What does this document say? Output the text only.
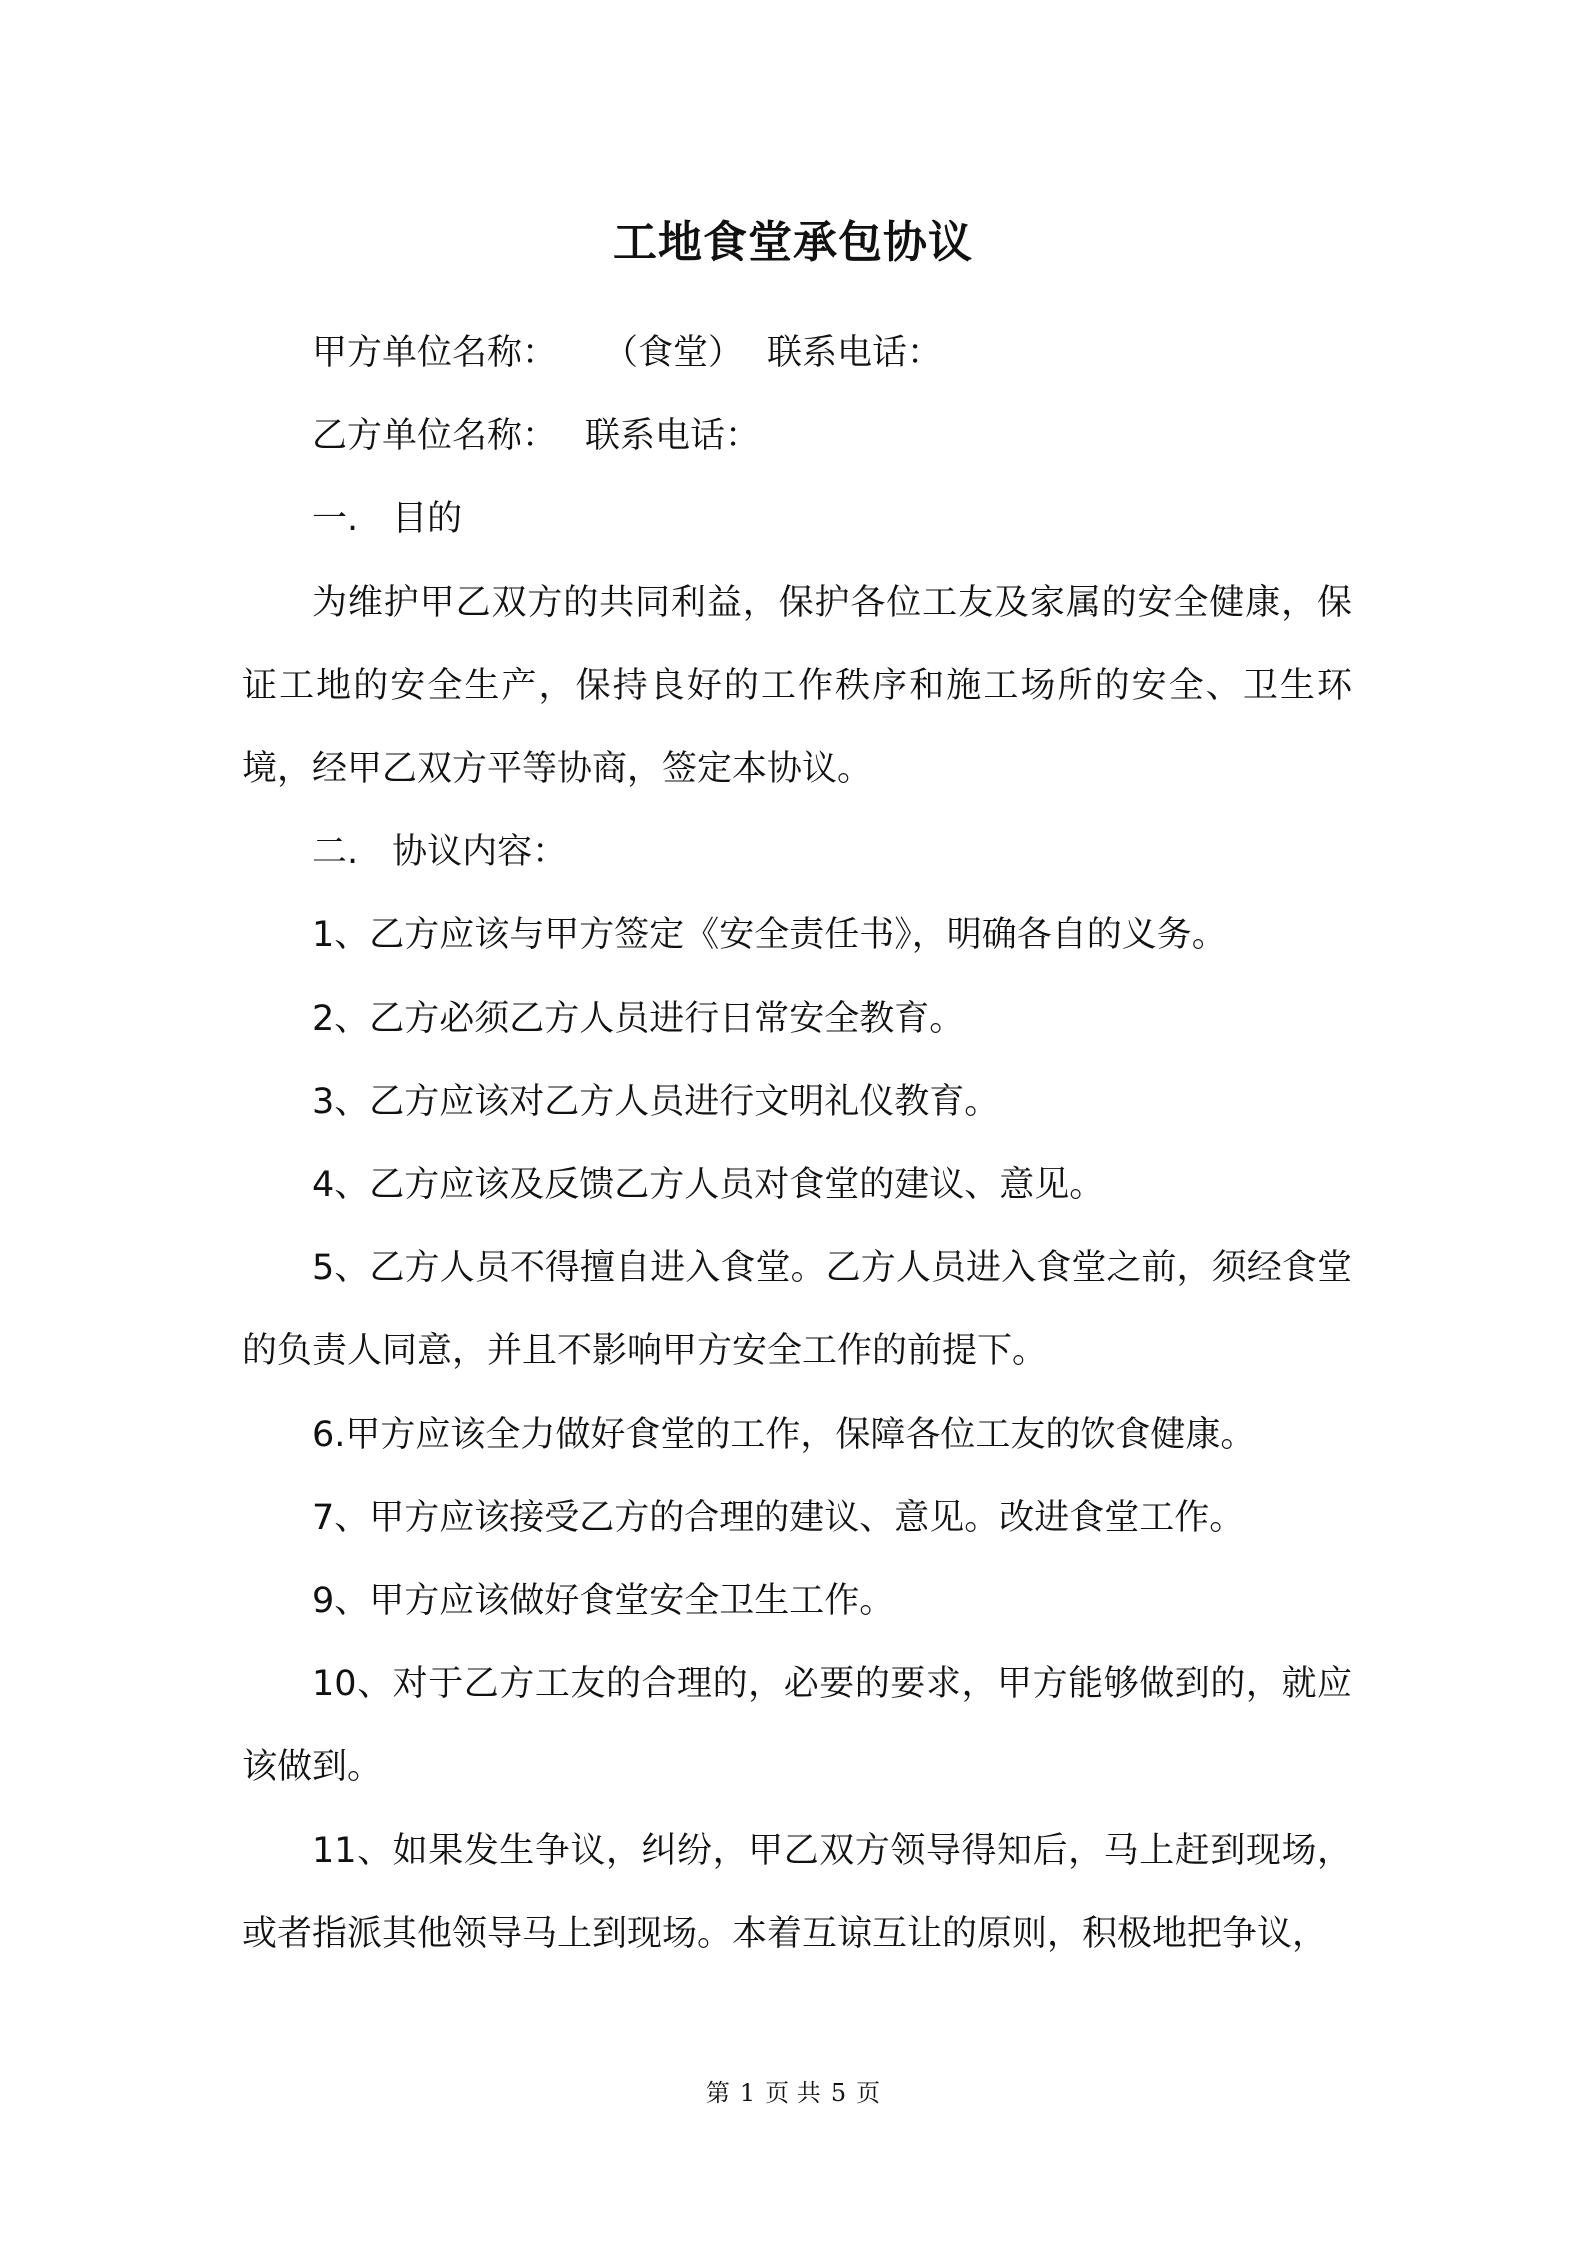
工地食堂承包协议

甲方单位名称： （食堂） 联系电话：

乙方单位名称： 联系电话：

一. 目的

为维护甲乙双方的共同利益，保护各位工友及家属的安全健康，保证工地的安全生产，保持良好的工作秩序和施工场所的安全、卫生环境，经甲乙双方平等协商，签定本协议。

二. 协议内容：

1、乙方应该与甲方签定《安全责任书》，明确各自的义务。

2、乙方必须乙方人员进行日常安全教育。

3、乙方应该对乙方人员进行文明礼仪教育。

4、乙方应该及反馈乙方人员对食堂的建议、意见。

5、乙方人员不得擅自进入食堂。乙方人员进入食堂之前，须经食堂的负责人同意，并且不影响甲方安全工作的前提下。

6.甲方应该全力做好食堂的工作，保障各位工友的饮食健康。

7、甲方应该接受乙方的合理的建议、意见。改进食堂工作。

9、甲方应该做好食堂安全卫生工作。

10、对于乙方工友的合理的，必要的要求，甲方能够做到的，就应该做到。

11、如果发生争议，纠纷，甲乙双方领导得知后，马上赶到现场，或者指派其他领导马上到现场。本着互谅互让的原则，积极地把争议，

第 1 页 共 5 页
